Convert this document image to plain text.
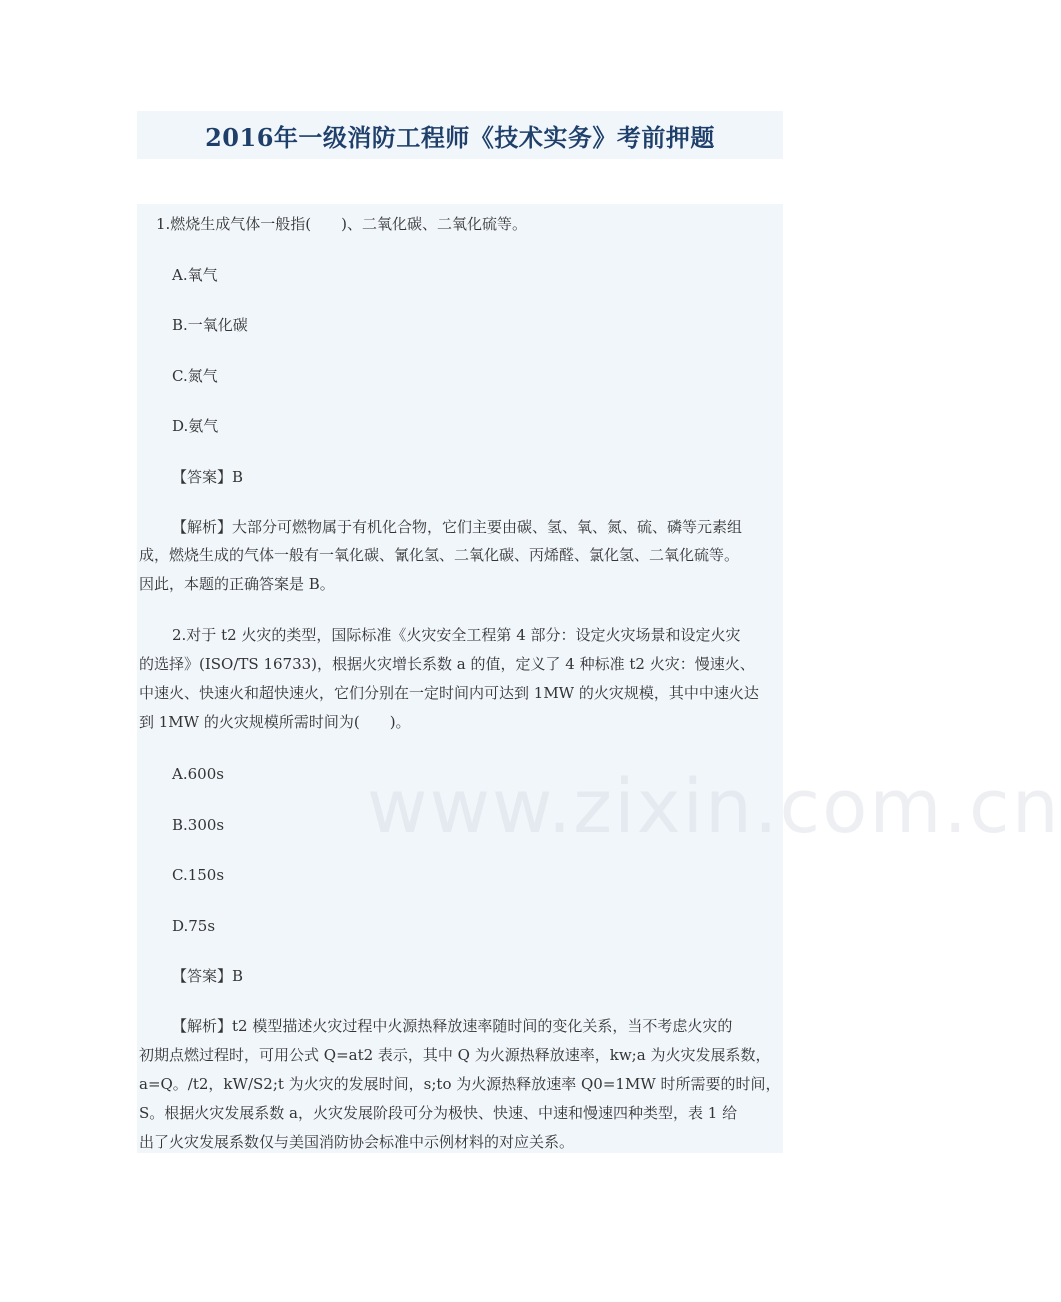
2016年一级消防工程师《技术实务》考前押题
www.zixin.com.cn
1.燃烧生成气体一般指(　　)、二氧化碳、二氧化硫等。
A.氧气
B.一氧化碳
C.氮气
D.氨气
【答案】B
【解析】大部分可燃物属于有机化合物，它们主要由碳、氢、氧、氮、硫、磷等元素组
成，燃烧生成的气体一般有一氧化碳、氰化氢、二氧化碳、丙烯醛、氯化氢、二氧化硫等。
因此，本题的正确答案是 B。
2.对于 t2 火灾的类型，国际标准《火灾安全工程第 4 部分：设定火灾场景和设定火灾
的选择》(ISO/TS 16733)，根据火灾增长系数 a 的值，定义了 4 种标准 t2 火灾：慢速火、
中速火、快速火和超快速火，它们分别在一定时间内可达到 1MW 的火灾规模，其中中速火达
到 1MW 的火灾规模所需时间为(　　)。
A.600s
B.300s
C.150s
D.75s
【答案】B
【解析】t2 模型描述火灾过程中火源热释放速率随时间的变化关系，当不考虑火灾的
初期点燃过程时，可用公式 Q=at2 表示，其中 Q 为火源热释放速率，kw;a 为火灾发展系数，
a=Q。/t2，kW/S2;t 为火灾的发展时间，s;to 为火源热释放速率 Q0=1MW 时所需要的时间，
S。根据火灾发展系数 a，火灾发展阶段可分为极快、快速、中速和慢速四种类型，表 1 给
出了火灾发展系数仅与美国消防协会标准中示例材料的对应关系。
